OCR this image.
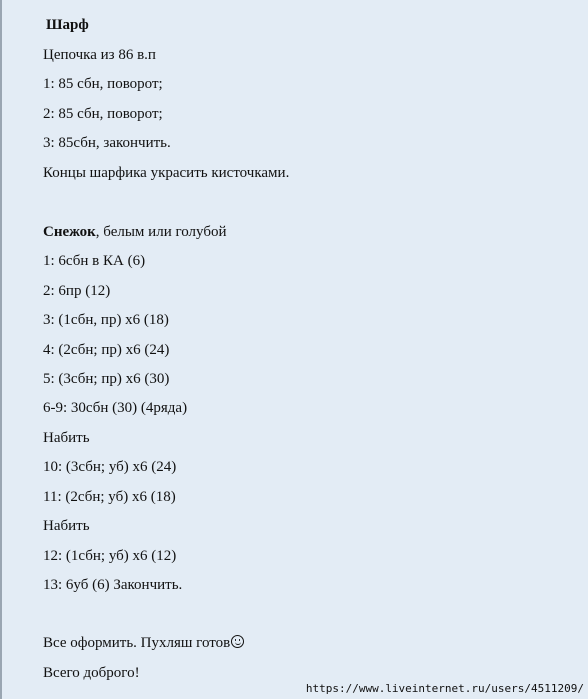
Шарф

Цепочка из 86 в.п

1: 85 сбн, поворот;

2: 85 сбн, поворот;

3: 85сбн, закончить.

Концы шарфика украсить кисточками.

Снежок, белым или голубой

1: 6сбн в КА (6)

2: 6пр (12)

3: (1сбн, пр) х6 (18)

4: (2сбн; пр) х6 (24)

5: (3сбн; пр) х6 (30)

6-9: 30сбн (30) (4ряда)

Набить

10: (3сбн; уб) х6 (24)

11: (2сбн; уб) х6 (18)

Набить

12: (1сбн; уб) х6 (12)

13: 6уб (6) Закончить.

Все оформить. Пухляш готов

Всего доброго!

https://www.liveinternet.ru/users/4511209/
